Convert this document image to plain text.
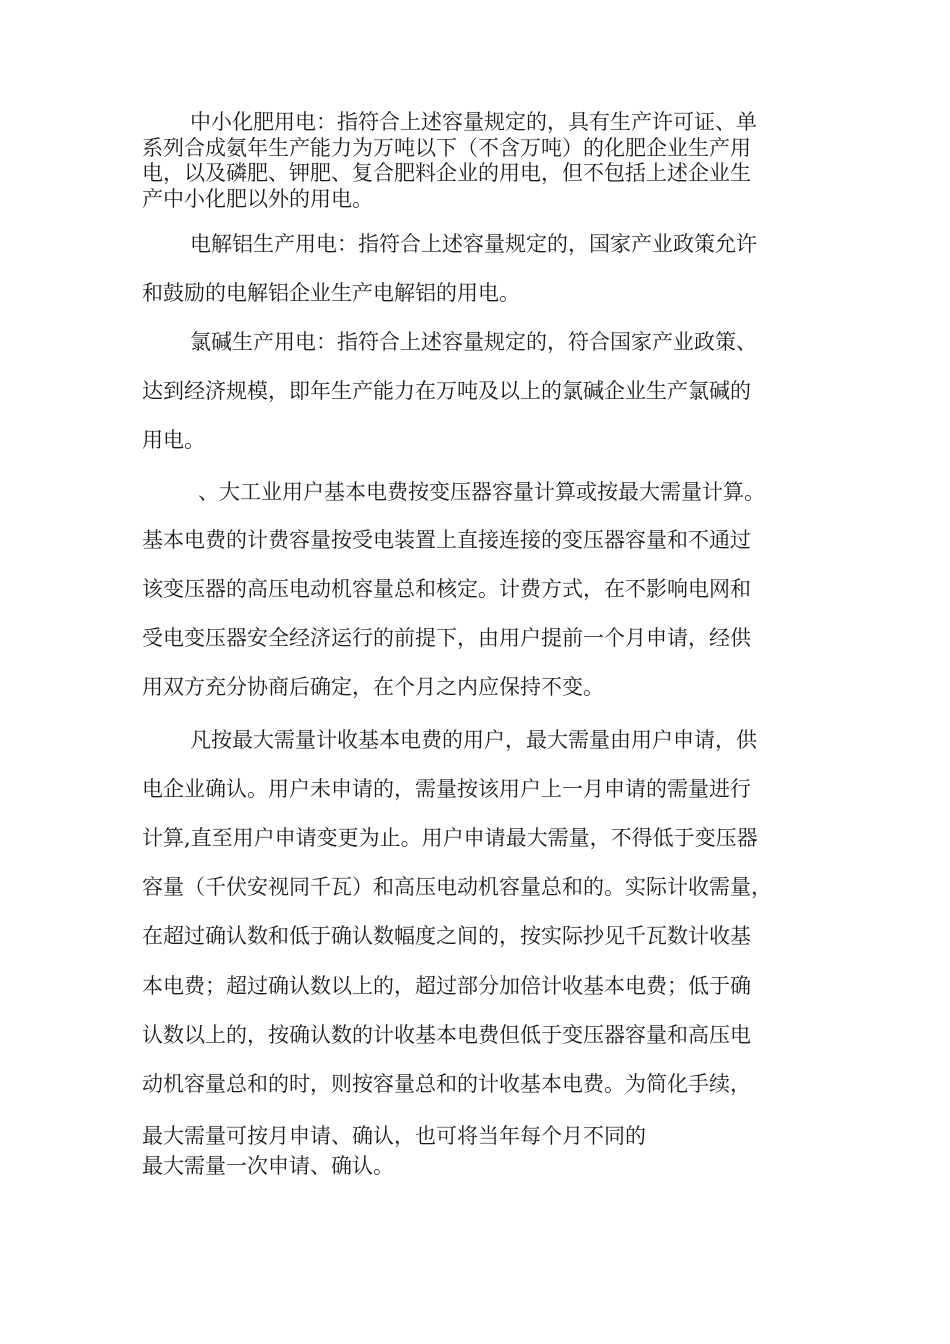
中小化肥用电：指符合上述容量规定的，具有生产许可证、单
系列合成氨年生产能力为万吨以下（不含万吨）的化肥企业生产用
电，以及磷肥、钾肥、复合肥料企业的用电，但不包括上述企业生
产中小化肥以外的用电。
电解铝生产用电：指符合上述容量规定的，国家产业政策允许
和鼓励的电解铝企业生产电解铝的用电。
氯碱生产用电：指符合上述容量规定的，符合国家产业政策、
达到经济规模，即年生产能力在万吨及以上的氯碱企业生产氯碱的
用电。
、大工业用户基本电费按变压器容量计算或按最大需量计算。
基本电费的计费容量按受电装置上直接连接的变压器容量和不通过
该变压器的高压电动机容量总和核定。计费方式，在不影响电网和
受电变压器安全经济运行的前提下，由用户提前一个月申请，经供
用双方充分协商后确定，在个月之内应保持不变。
凡按最大需量计收基本电费的用户，最大需量由用户申请，供
电企业确认。用户未申请的，需量按该用户上一月申请的需量进行
计算,直至用户申请变更为止。用户申请最大需量，不得低于变压器
容量（千伏安视同千瓦）和高压电动机容量总和的。实际计收需量，
在超过确认数和低于确认数幅度之间的，按实际抄见千瓦数计收基
本电费；超过确认数以上的，超过部分加倍计收基本电费；低于确
认数以上的，按确认数的计收基本电费但低于变压器容量和高压电
动机容量总和的时，则按容量总和的计收基本电费。为简化手续，
最大需量可按月申请、确认，也可将当年每个月不同的
最大需量一次申请、确认。
